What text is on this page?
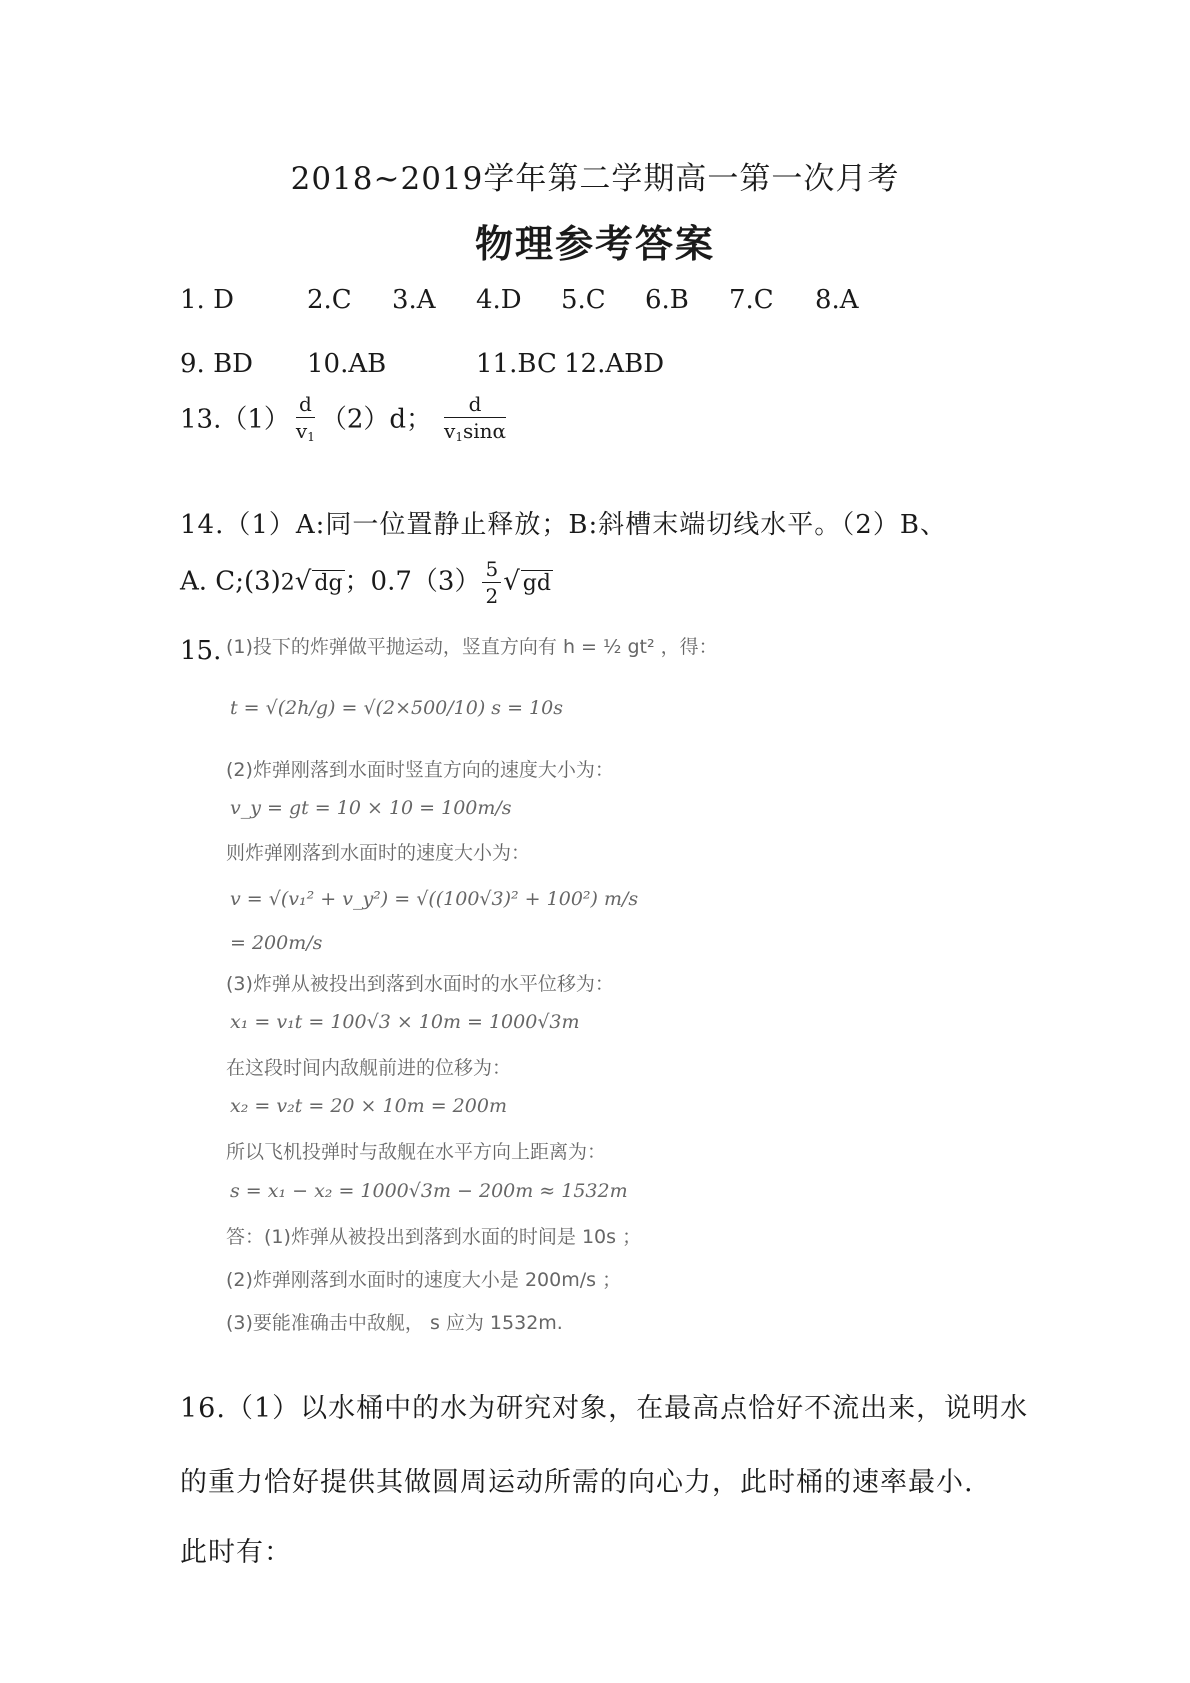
2018~2019学年第二学期高一第一次月考
物理参考答案
1. D	2.C 3.A 4.D 5.C 6.B 7.C 8.A
9. BD 10.AB	11.BC 12.ABD
$13.(1) \frac{d}{v_1} (2)d$； $\frac{d}{v_1\sin\alpha}$
14.（1）A:同一位置静止释放；B:斜槽末端切线水平。（2）B、
A. C;(3)2√ dg；$0.7(3) \frac{5}{2}$ √ gd
15. (1)投下的炸弹做平抛运动，竖直方向有 h = ½ gt² ，得：
t = √(2h/g) = √(2×500/10) s = 10s
(2)炸弹刚落到水面时竖直方向的速度大小为：
v_y = gt = 10 × 10 = 100m/s
则炸弹刚落到水面时的速度大小为：
v = √(v₁² + v_y²) = √((100√3)² + 100²) m/s
= 200m/s
(3)炸弹从被投出到落到水面时的水平位移为：
x₁ = v₁t = 100√3 × 10m = 1000√3m
在这段时间内敌舰前进的位移为：
x₂ = v₂t = 20 × 10m = 200m
所以飞机投弹时与敌舰在水平方向上距离为：
s = x₁ − x₂ = 1000√3m − 200m ≈ 1532m
答：(1)炸弹从被投出到落到水面的时间是 10s ；
(2)炸弹刚落到水面时的速度大小是 200m/s ；
(3)要能准确击中敌舰， s 应为 1532m.
16.（1）以水桶中的水为研究对象，在最高点恰好不流出来，说明水
的重力恰好提供其做圆周运动所需的向心力，此时桶的速率最小.
此时有：
